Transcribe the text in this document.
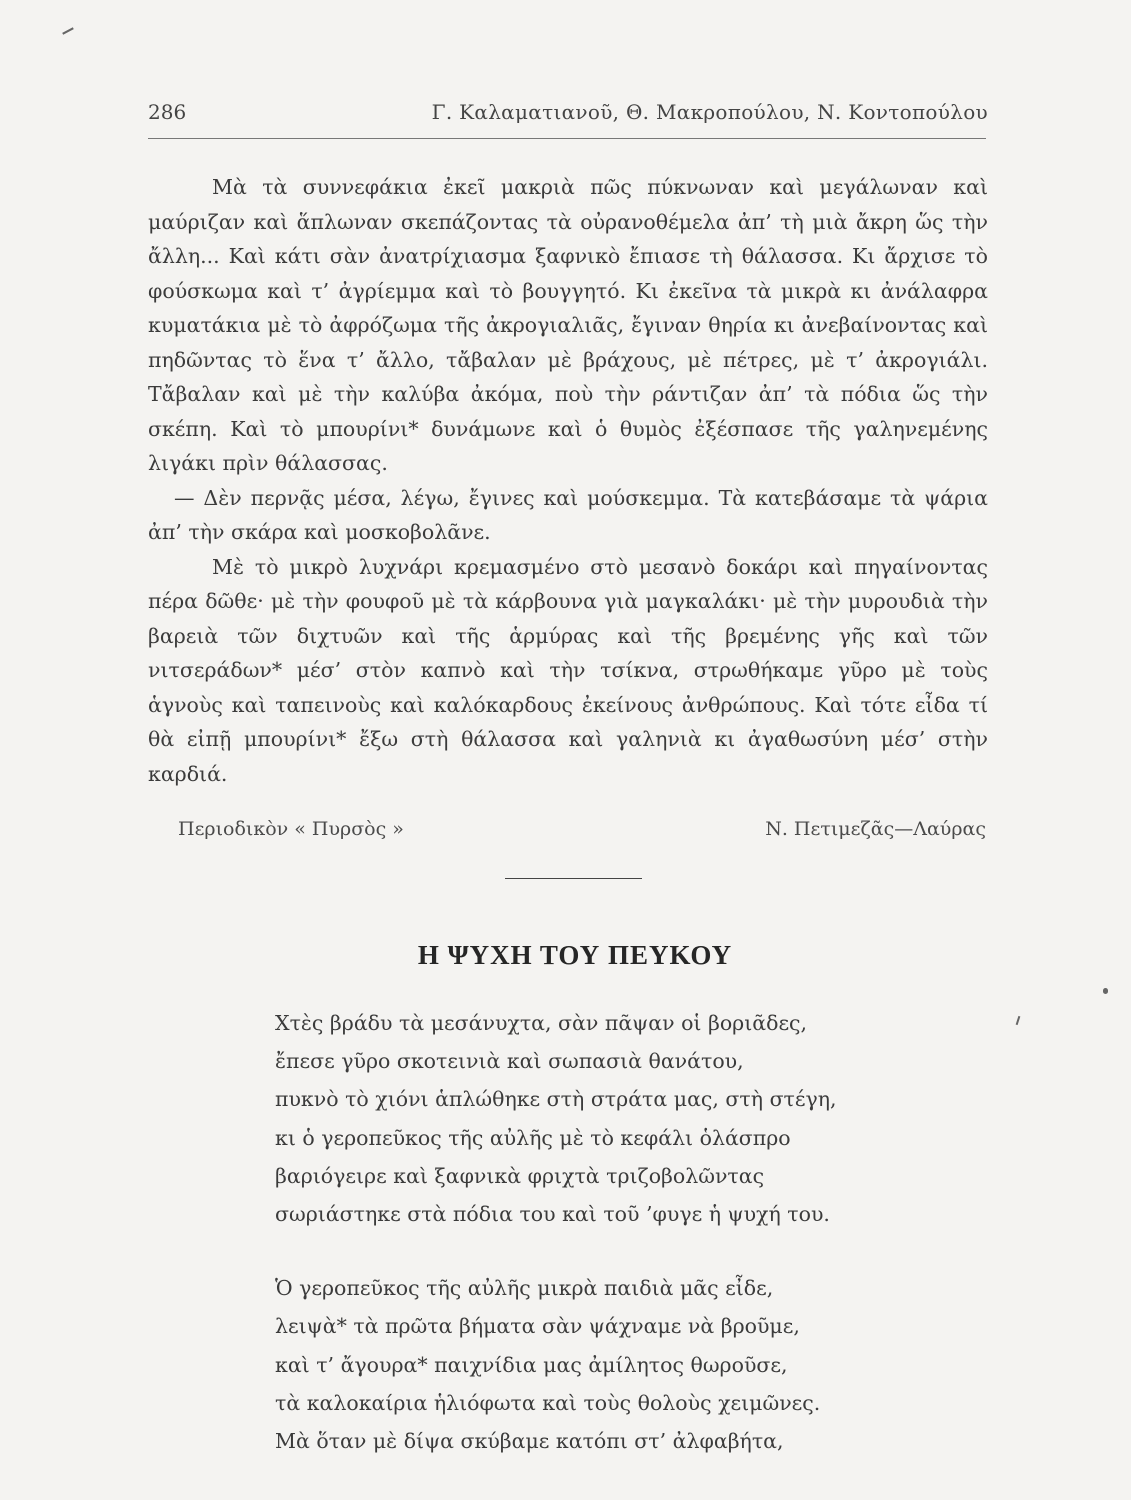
286	Γ. Καλαματιανοῦ, Θ. Μακροπούλου, Ν. Κοντοπούλου

Μὰ τὰ συννεφάκια ἐκεῖ μακριὰ πῶς πύκνωναν καὶ μεγάλωναν καὶ μαύριζαν καὶ ἅπλωναν σκεπάζοντας τὰ οὐρανοθέμελα ἀπ’ τὴ μιὰ ἄκρη ὥς τὴν ἄλλη... Καὶ κάτι σὰν ἀνατρίχιασμα ξαφνικὸ ἔπιασε τὴ θάλασσα. Κι ἄρχισε τὸ φούσκωμα καὶ τ’ ἀγρίεμμα καὶ τὸ βουγγητό. Κι ἐκεῖνα τὰ μικρὰ κι ἀνάλαφρα κυματάκια μὲ τὸ ἀφρόζωμα τῆς ἀκρογιαλιᾶς, ἔγιναν θηρία κι ἀνεβαίνοντας καὶ πηδῶντας τὸ ἕνα τ’ ἄλλο, τἄβαλαν μὲ βράχους, μὲ πέτρες, μὲ τ’ ἀκρογιάλι. Τἄβαλαν καὶ μὲ τὴν καλύβα ἀκόμα, ποὺ τὴν ράντιζαν ἀπ’ τὰ πόδια ὥς τὴν σκέπη. Καὶ τὸ μπουρίνι* δυνάμωνε καὶ ὁ θυμὸς ἐξέσπασε τῆς γαληνεμένης λιγάκι πρὶν θάλασσας.

— Δὲν περνᾷς μέσα, λέγω, ἔγινες καὶ μούσκεμμα. Τὰ κατεβάσαμε τὰ ψάρια ἀπ’ τὴν σκάρα καὶ μοσκοβολᾶνε.

Μὲ τὸ μικρὸ λυχνάρι κρεμασμένο στὸ μεσανὸ δοκάρι καὶ πηγαίνοντας πέρα δῶθε· μὲ τὴν φουφοῦ μὲ τὰ κάρβουνα γιὰ μαγκαλάκι· μὲ τὴν μυρουδιὰ τὴν βαρειὰ τῶν διχτυῶν καὶ τῆς ἁρμύρας καὶ τῆς βρεμένης γῆς καὶ τῶν νιτσεράδων* μέσ’ στὸν καπνὸ καὶ τὴν τσίκνα, στρωθήκαμε γῦρο μὲ τοὺς ἁγνοὺς καὶ ταπεινοὺς καὶ καλόκαρδους ἐκείνους ἀνθρώπους. Καὶ τότε εἶδα τί θὰ εἰπῇ μπουρίνι* ἔξω στὴ θάλασσα καὶ γαληνιὰ κι ἀγαθωσύνη μέσ’ στὴν καρδιά.

Περιοδικὸν « Πυρσὸς »	Ν. Πετιμεζᾶς—Λαύρας
Η ΨΥΧΗ ΤΟΥ ΠΕΥΚΟΥ
Χτὲς βράδυ τὰ μεσάνυχτα, σὰν πᾶψαν οἱ βοριᾶδες,
ἔπεσε γῦρο σκοτεινιὰ καὶ σωπασιὰ θανάτου,
πυκνὸ τὸ χιόνι ἁπλώθηκε στὴ στράτα μας, στὴ στέγη,
κι ὁ γεροπεῦκος τῆς αὐλῆς μὲ τὸ κεφάλι ὁλάσπρο
βαριόγειρε καὶ ξαφνικὰ φριχτὰ τριζοβολῶντας
σωριάστηκε στὰ πόδια του καὶ τοῦ ’φυγε ἡ ψυχή του.
Ὁ γεροπεῦκος τῆς αὐλῆς μικρὰ παιδιὰ μᾶς εἶδε,
λειψὰ* τὰ πρῶτα βήματα σὰν ψάχναμε νὰ βροῦμε,
καὶ τ’ ἄγουρα* παιχνίδια μας ἀμίλητος θωροῦσε,
τὰ καλοκαίρια ἡλιόφωτα καὶ τοὺς θολοὺς χειμῶνες.
Μὰ ὅταν μὲ δίψα σκύβαμε κατόπι στ’ ἀλφαβήτα,
